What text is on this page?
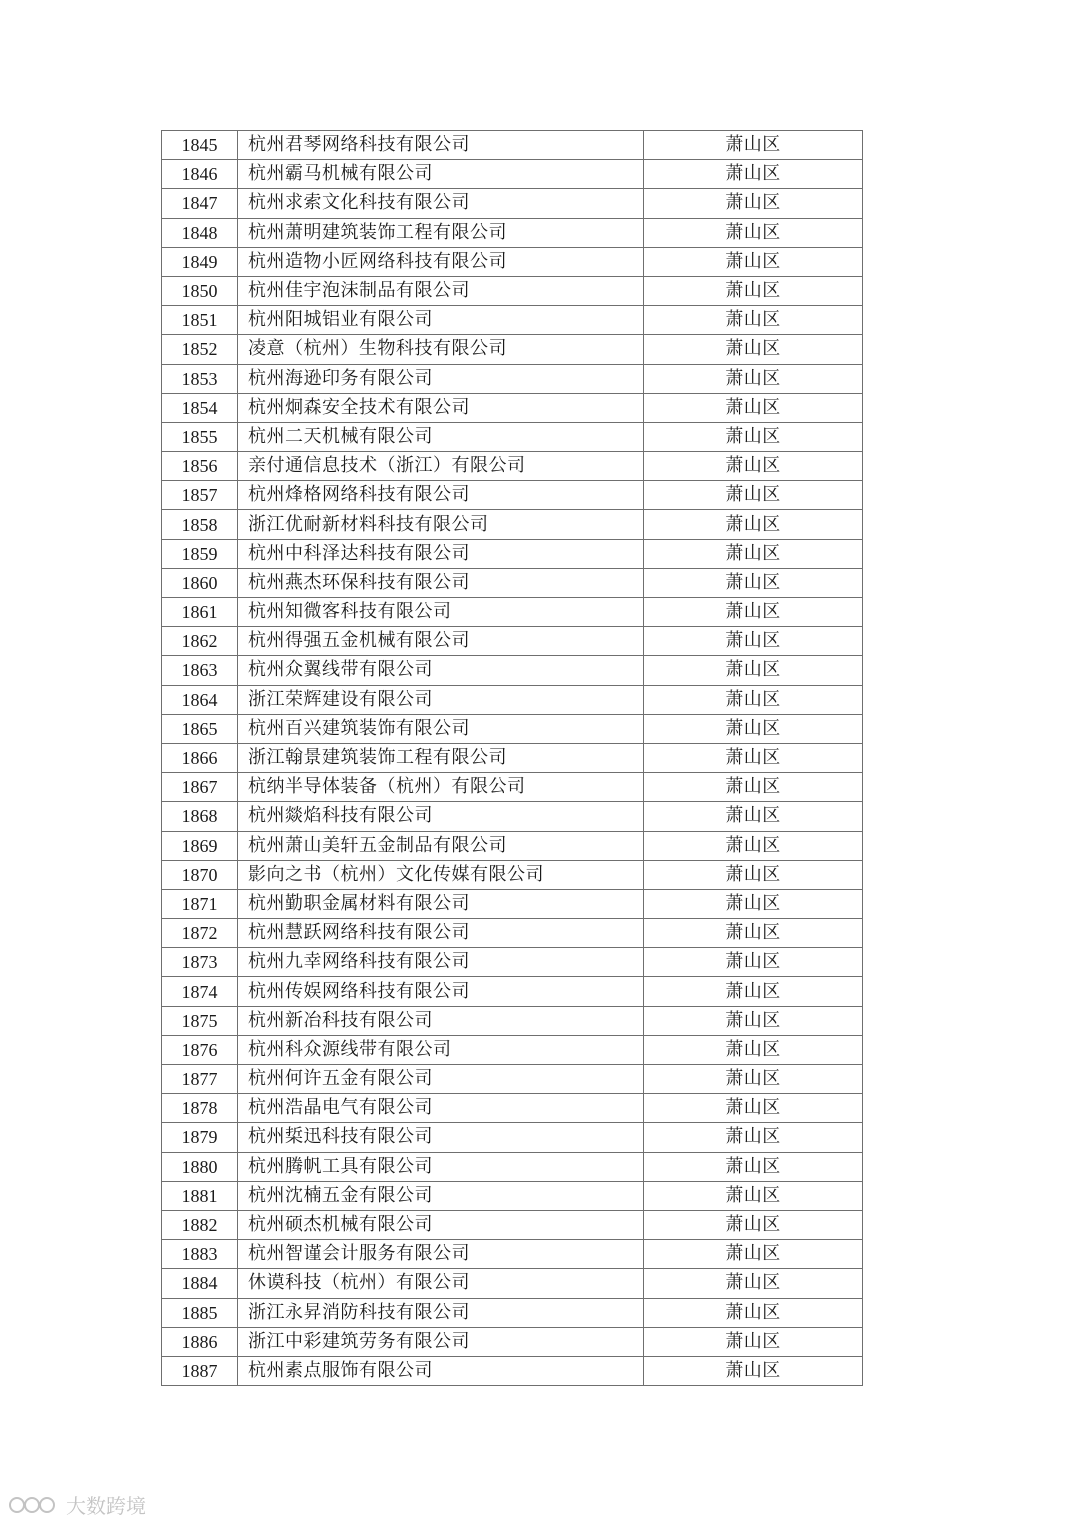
1845	杭州君琴网络科技有限公司	萧山区
1846	杭州霸马机械有限公司	萧山区
1847	杭州求索文化科技有限公司	萧山区
1848	杭州萧明建筑装饰工程有限公司	萧山区
1849	杭州造物小匠网络科技有限公司	萧山区
1850	杭州佳宇泡沫制品有限公司	萧山区
1851	杭州阳城铝业有限公司	萧山区
1852	凌意（杭州）生物科技有限公司	萧山区
1853	杭州海逊印务有限公司	萧山区
1854	杭州炯森安全技术有限公司	萧山区
1855	杭州二天机械有限公司	萧山区
1856	亲付通信息技术（浙江）有限公司	萧山区
1857	杭州烽格网络科技有限公司	萧山区
1858	浙江优耐新材料科技有限公司	萧山区
1859	杭州中科泽达科技有限公司	萧山区
1860	杭州燕杰环保科技有限公司	萧山区
1861	杭州知微客科技有限公司	萧山区
1862	杭州得强五金机械有限公司	萧山区
1863	杭州众翼线带有限公司	萧山区
1864	浙江荣辉建设有限公司	萧山区
1865	杭州百兴建筑装饰有限公司	萧山区
1866	浙江翰景建筑装饰工程有限公司	萧山区
1867	杭纳半导体装备（杭州）有限公司	萧山区
1868	杭州燚焰科技有限公司	萧山区
1869	杭州萧山美轩五金制品有限公司	萧山区
1870	影向之书（杭州）文化传媒有限公司	萧山区
1871	杭州勤职金属材料有限公司	萧山区
1872	杭州慧跃网络科技有限公司	萧山区
1873	杭州九幸网络科技有限公司	萧山区
1874	杭州传娱网络科技有限公司	萧山区
1875	杭州新冶科技有限公司	萧山区
1876	杭州科众源线带有限公司	萧山区
1877	杭州何许五金有限公司	萧山区
1878	杭州浩晶电气有限公司	萧山区
1879	杭州梊迅科技有限公司	萧山区
1880	杭州腾帆工具有限公司	萧山区
1881	杭州沈楠五金有限公司	萧山区
1882	杭州硕杰机械有限公司	萧山区
1883	杭州智谨会计服务有限公司	萧山区
1884	休谟科技（杭州）有限公司	萧山区
1885	浙江永昇消防科技有限公司	萧山区
1886	浙江中彩建筑劳务有限公司	萧山区
1887	杭州素点服饰有限公司	萧山区
大数跨境
